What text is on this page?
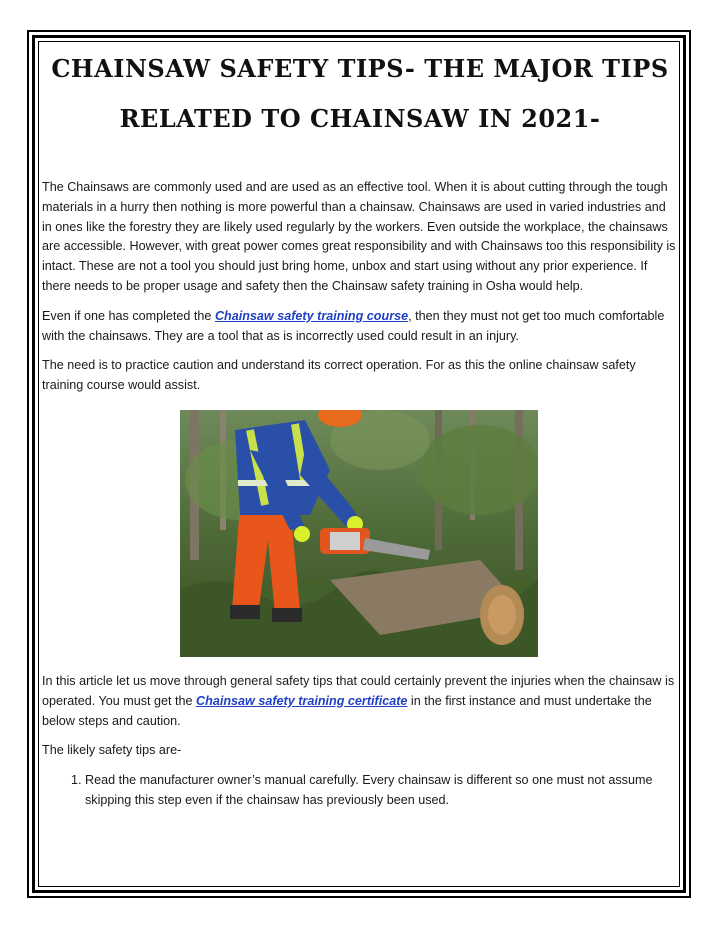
CHAINSAW SAFETY TIPS- THE MAJOR TIPS
RELATED TO CHAINSAW IN 2021-

The Chainsaws are commonly used and are used as an effective tool. When it is about cutting through the tough materials in a hurry then nothing is more powerful than a chainsaw. Chainsaws are used in varied industries and in ones like the forestry they are likely used regularly by the workers. Even outside the workplace, the chainsaws are accessible. However, with great power comes great responsibility and with Chainsaws too this responsibility is intact. These are not a tool you should just bring home, unbox and start using without any prior experience. If there needs to be proper usage and safety then the Chainsaw safety training in Osha would help.

Even if one has completed the Chainsaw safety training course, then they must not get too much comfortable with the chainsaws. They are a tool that as is incorrectly used could result in an injury.

The need is to practice caution and understand its correct operation. For as this the online chainsaw safety training course would assist.

In this article let us move through general safety tips that could certainly prevent the injuries when the chainsaw is operated. You must get the Chainsaw safety training certificate in the first instance and must undertake the below steps and caution.

The likely safety tips are-

1. Read the manufacturer owner’s manual carefully. Every chainsaw is different so one must not assume skipping this step even if the chainsaw has previously been used.
